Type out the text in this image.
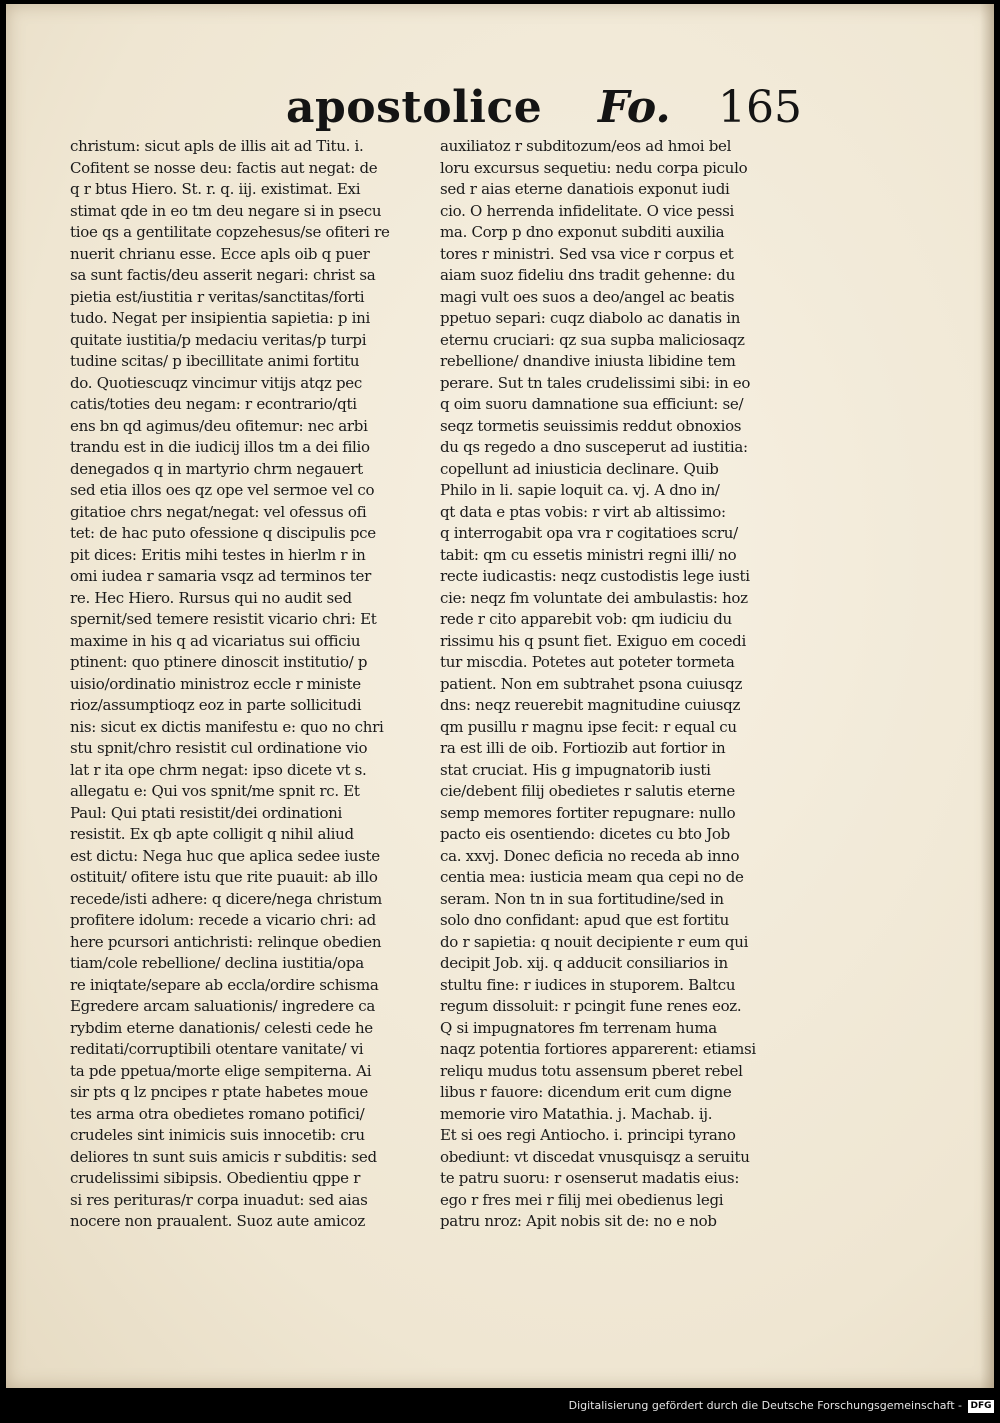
apostolice Fo. 165
christum: sicut apls de illis ait ad Titu. i.
Cofitent se nosse deu: factis aut negat: de
q r btus Hiero. St. r. q. iij. existimat. Exi
stimat qde in eo tm deu negare si in psecu
tioe qs a gentilitate copzehesus/se ofiteri re
nuerit chrianu esse. Ecce apls oib q puer
sa sunt factis/deu asserit negari: christ sa
pietia est/iustitia r veritas/sanctitas/forti
tudo. Negat per insipientia sapietia: p ini
quitate iustitia/p medaciu veritas/p turpi
tudine scitas/ p ibecillitate animi fortitu
do. Quotiescuqz vincimur vitijs atqz pec
catis/toties deu negam: r econtrario/qti
ens bn qd agimus/deu ofitemur: nec arbi
trandu est in die iudicij illos tm a dei filio
denegados q in martyrio chrm negauert
sed etia illos oes qz ope vel sermoe vel co
gitatioe chrs negat/negat: vel ofessus ofi
tet: de hac puto ofessione q discipulis pce
pit dices: Eritis mihi testes in hierlm r in
omi iudea r samaria vsqz ad terminos ter
re. Hec Hiero. Rursus qui no audit sed
spernit/sed temere resistit vicario chri: Et
maxime in his q ad vicariatus sui officiu
ptinent: quo ptinere dinoscit institutio/ p
uisio/ordinatio ministroz eccle r ministe
rioz/assumptioqz eoz in parte sollicitudi
nis: sicut ex dictis manifestu e: quo no chri
stu spnit/chro resistit cul ordinatione vio
lat r ita ope chrm negat: ipso dicete vt s.
allegatu e: Qui vos spnit/me spnit rc. Et
Paul: Qui ptati resistit/dei ordinationi
resistit. Ex qb apte colligit q nihil aliud
est dictu: Nega huc que aplica sedee iuste
ostituit/ ofitere istu que rite puauit: ab illo
recede/isti adhere: q dicere/nega christum
profitere idolum: recede a vicario chri: ad
here pcursori antichristi: relinque obedien
tiam/cole rebellione/ declina iustitia/opa
re iniqtate/separe ab eccla/ordire schisma
Egredere arcam saluationis/ ingredere ca
rybdim eterne danationis/ celesti cede he
reditati/corruptibili otentare vanitate/ vi
ta pde ppetua/morte elige sempiterna. Ai
sir pts q lz pncipes r ptate habetes moue
tes arma otra obedietes romano potifici/
crudeles sint inimicis suis innocetib: cru
deliores tn sunt suis amicis r subditis: sed
crudelissimi sibipsis. Obedientiu qppe r
si res perituras/r corpa inuadut: sed aias
nocere non praualent. Suoz aute amicoz
auxiliatoz r subditozum/eos ad hmoi bel
loru excursus sequetiu: nedu corpa piculo
sed r aias eterne danatiois exponut iudi
cio. O herrenda infidelitate. O vice pessi
ma. Corp p dno exponut subditi auxilia
tores r ministri. Sed vsa vice r corpus et
aiam suoz fideliu dns tradit gehenne: du
magi vult oes suos a deo/angel ac beatis
ppetuo separi: cuqz diabolo ac danatis in
eternu cruciari: qz sua supba maliciosaqz
rebellione/ dnandive iniusta libidine tem
perare. Sut tn tales crudelissimi sibi: in eo
q oim suoru damnatione sua efficiunt: se/
seqz tormetis seuissimis reddut obnoxios
du qs regedo a dno susceperut ad iustitia:
copellunt ad iniusticia declinare. Quib
Philo in li. sapie loquit ca. vj. A dno in/
qt data e ptas vobis: r virt ab altissimo:
q interrogabit opa vra r cogitatioes scru/
tabit: qm cu essetis ministri regni illi/ no
recte iudicastis: neqz custodistis lege iusti
cie: neqz fm voluntate dei ambulastis: hoz
rede r cito apparebit vob: qm iudiciu du
rissimu his q psunt fiet. Exiguo em cocedi
tur miscdia. Potetes aut poteter tormeta
patient. Non em subtrahet psona cuiusqz
dns: neqz reuerebit magnitudine cuiusqz
qm pusillu r magnu ipse fecit: r equal cu
ra est illi de oib. Fortiozib aut fortior in
stat cruciat. His g impugnatorib iusti
cie/debent filij obedietes r salutis eterne
semp memores fortiter repugnare: nullo
pacto eis osentiendo: dicetes cu bto Job
ca. xxvj. Donec deficia no receda ab inno
centia mea: iusticia meam qua cepi no de
seram. Non tn in sua fortitudine/sed in
solo dno confidant: apud que est fortitu
do r sapietia: q nouit decipiente r eum qui
decipit Job. xij. q adducit consiliarios in
stultu fine: r iudices in stuporem. Baltcu
regum dissoluit: r pcingit fune renes eoz.
Q si impugnatores fm terrenam huma
naqz potentia fortiores apparerent: etiamsi
reliqu mudus totu assensum pberet rebel
libus r fauore: dicendum erit cum digne
memorie viro Matathia. j. Machab. ij.
Et si oes regi Antiocho. i. principi tyrano
obediunt: vt discedat vnusquisqz a seruitu
te patru suoru: r osenserut madatis eius:
ego r fres mei r filij mei obedienus legi
patru nroz: Apit nobis sit de: no e nob
Digitalisierung gefördert durch die Deutsche Forschungsgemeinschaft - DFG
